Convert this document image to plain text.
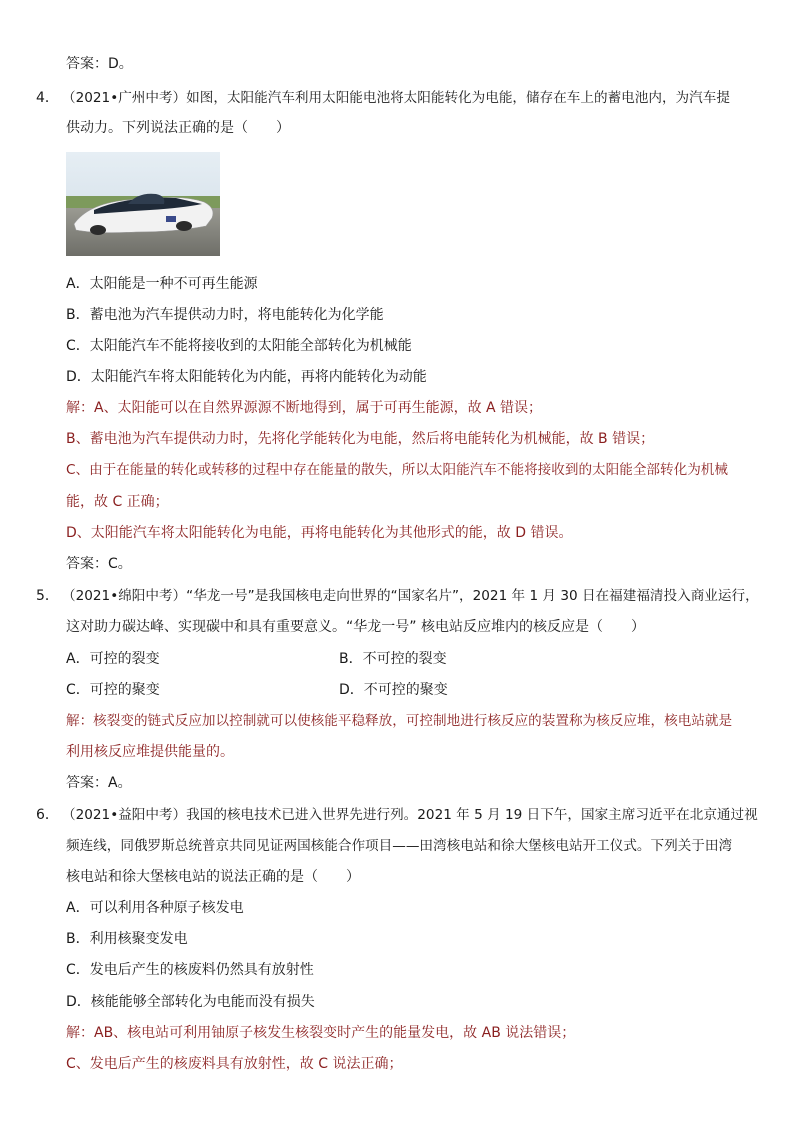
答案：D。
4． （2021•广州中考）如图，太阳能汽车利用太阳能电池将太阳能转化为电能，储存在车上的蓄电池内，为汽车提
供动力。下列说法正确的是（　　）
A．太阳能是一种不可再生能源
B．蓄电池为汽车提供动力时，将电能转化为化学能
C．太阳能汽车不能将接收到的太阳能全部转化为机械能
D．太阳能汽车将太阳能转化为内能，再将内能转化为动能
解：A、太阳能可以在自然界源源不断地得到，属于可再生能源，故 A 错误；
B、蓄电池为汽车提供动力时，先将化学能转化为电能，然后将电能转化为机械能，故 B 错误；
C、由于在能量的转化或转移的过程中存在能量的散失，所以太阳能汽车不能将接收到的太阳能全部转化为机械
能，故 C 正确；
D、太阳能汽车将太阳能转化为电能，再将电能转化为其他形式的能，故 D 错误。
答案：C。
5． （2021•绵阳中考）“华龙一号”是我国核电走向世界的“国家名片”，2021 年 1 月 30 日在福建福清投入商业运行，
这对助力碳达峰、实现碳中和具有重要意义。“华龙一号” 核电站反应堆内的核反应是（　　）
A．可控的裂变	B．不可控的裂变
C．可控的聚变	D．不可控的聚变
解：核裂变的链式反应加以控制就可以使核能平稳释放，可控制地进行核反应的装置称为核反应堆，核电站就是
利用核反应堆提供能量的。
答案：A。
6． （2021•益阳中考）我国的核电技术已进入世界先进行列。2021 年 5 月 19 日下午，国家主席习近平在北京通过视
频连线，同俄罗斯总统普京共同见证两国核能合作项目——田湾核电站和徐大堡核电站开工仪式。下列关于田湾
核电站和徐大堡核电站的说法正确的是（　　）
A．可以利用各种原子核发电
B．利用核聚变发电
C．发电后产生的核废料仍然具有放射性
D．核能能够全部转化为电能而没有损失
解：AB、核电站可利用铀原子核发生核裂变时产生的能量发电，故 AB 说法错误；
C、发电后产生的核废料具有放射性，故 C 说法正确；
